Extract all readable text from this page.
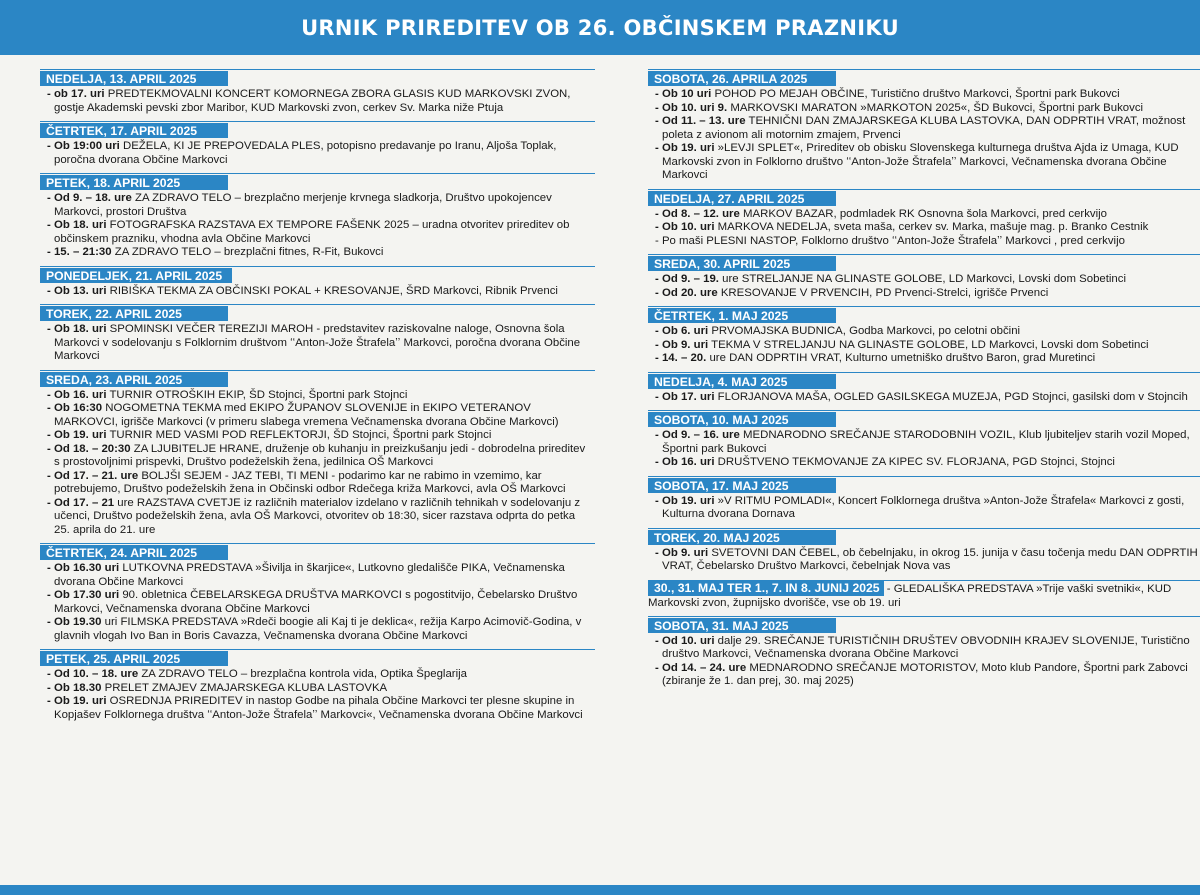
URNIK PRIREDITEV OB 26. OBČINSKEM PRAZNIKU
NEDELJA, 13. APRIL 2025
- ob 17. uri PREDTEKMOVALNI KONCERT KOMORNEGA ZBORA GLASIS KUD MARKOVSKI ZVON, gostje Akademski pevski zbor Maribor, KUD Markovski zvon, cerkev Sv. Marka niže Ptuja
ČETRTEK, 17. APRIL 2025
- Ob 19:00 uri DEŽELA, KI JE PREPOVEDALA PLES, potopisno predavanje po Iranu, Aljoša Toplak, poročna dvorana Občine Markovci
PETEK, 18. APRIL 2025
- Od 9. – 18. ure ZA ZDRAVO TELO – brezplačno merjenje krvnega sladkorja, Društvo upokojencev Markovci, prostori Društva
- Ob 18. uri FOTOGRAFSKA RAZSTAVA EX TEMPORE FAŠENK 2025 – uradna otvoritev prireditev ob občinskem prazniku, vhodna avla Občine Markovci
- 15. – 21:30 ZA ZDRAVO TELO – brezplačni fitnes, R-Fit, Bukovci
PONEDELJEK, 21. APRIL 2025
- Ob 13. uri RIBIŠKA TEKMA ZA OBČINSKI POKAL + KRESOVANJE, ŠRD Markovci, Ribnik Prvenci
TOREK, 22. APRIL 2025
- Ob 18. uri SPOMINSKI VEČER TEREZIJI MAROH - predstavitev raziskovalne naloge, Osnovna šola Markovci v sodelovanju s Folklornim društvom ʻʻAnton-Jože Štrafelaʼʼ Markovci, poročna dvorana Občine Markovci
SREDA, 23. APRIL 2025
- Ob 16. uri TURNIR OTROŠKIH EKIP, ŠD Stojnci, Športni park Stojnci
- Ob 16:30 NOGOMETNA TEKMA med EKIPO ŽUPANOV SLOVENIJE in EKIPO VETERANOV MARKOVCI, igrišče Markovci (v primeru slabega vremena Večnamenska dvorana Občine Markovci)
- Ob 19. uri TURNIR MED VASMI POD REFLEKTORJI, ŠD Stojnci, Športni park Stojnci
- Od 18. – 20:30 ZA LJUBITELJE HRANE, druženje ob kuhanju in preizkušanju jedi - dobrodelna prireditev s prostovoljnimi prispevki, Društvo podeželskih žena, jedilnica OŠ Markovci
- Od 17. – 21. ure BOLJŠI SEJEM - JAZ TEBI, TI MENI - podarimo kar ne rabimo in vzemimo, kar potrebujemo, Društvo podeželskih žena in Občinski odbor Rdečega križa Markovci, avla OŠ Markovci
- Od 17. – 21 ure RAZSTAVA CVETJE iz različnih materialov izdelano v različnih tehnikah v sodelovanju z učenci, Društvo podeželskih žena, avla OŠ Markovci, otvoritev ob 18:30, sicer razstava odprta do petka 25. aprila do 21. ure
ČETRTEK, 24. APRIL 2025
- Ob 16.30 uri LUTKOVNA PREDSTAVA »Šivilja in škarjice«, Lutkovno gledališče PIKA, Večnamenska dvorana Občine Markovci
- Ob 17.30 uri 90. obletnica ČEBELARSKEGA DRUŠTVA MARKOVCI s pogostitvijo, Čebelarsko Društvo Markovci, Večnamenska dvorana Občine Markovci
- Ob 19.30 uri FILMSKA PREDSTAVA »Rdeči boogie ali Kaj ti je deklica«, režija Karpo Acimovič-Godina, v glavnih vlogah Ivo Ban in Boris Cavazza, Večnamenska dvorana Občine Markovci
PETEK, 25. APRIL 2025
- Od 10. – 18. ure ZA ZDRAVO TELO – brezplačna kontrola vida, Optika Špeglarija
- Ob 18.30 PRELET ZMAJEV ZMAJARSKEGA KLUBA LASTOVKA
- Ob 19. uri OSREDNJA PRIREDITEV in nastop Godbe na pihala Občine Markovci ter plesne skupine in Kopjašev Folklornega društva ʻʻAnton-Jože Štrafelaʼʼ Markovci«, Večnamenska dvorana Občine Markovci
SOBOTA, 26. APRILA 2025
- Ob 10 uri POHOD PO MEJAH OBČINE, Turistično društvo Markovci, Športni park Bukovci
- Ob 10. uri 9. MARKOVSKI MARATON »MARKOTON 2025«, ŠD Bukovci, Športni park Bukovci
- Od 11. – 13. ure TEHNIČNI DAN ZMAJARSKEGA KLUBA LASTOVKA, DAN ODPRTIH VRAT, možnost poleta z avionom ali motornim zmajem, Prvenci
- Ob 19. uri »LEVJI SPLET«, Prireditev ob obisku Slovenskega kulturnega društva Ajda iz Umaga, KUD Markovski zvon in Folklorno društvo ʻʻAnton-Jože Štrafelaʼʼ Markovci, Večnamenska dvorana Občine Markovci
NEDELJA, 27. APRIL 2025
- Od 8. – 12. ure MARKOV BAZAR, podmladek RK Osnovna šola Markovci, pred cerkvijo
- Ob 10. uri MARKOVA NEDELJA, sveta maša, cerkev sv. Marka, mašuje mag. p. Branko Cestnik
- Po maši PLESNI NASTOP, Folklorno društvo ʻʻAnton-Jože Štrafelaʼʼ Markovci , pred cerkvijo
SREDA, 30. APRIL 2025
- Od 9. – 19. ure STRELJANJE NA GLINASTE GOLOBE, LD Markovci, Lovski dom Sobetinci
- Od 20. ure KRESOVANJE V PRVENCIH, PD Prvenci-Strelci, igrišče Prvenci
ČETRTEK, 1. MAJ 2025
- Ob 6. uri PRVOMAJSKA BUDNICA, Godba Markovci, po celotni občini
- Ob 9. uri TEKMA V STRELJANJU NA GLINASTE GOLOBE, LD Markovci, Lovski dom Sobetinci
- 14. – 20. ure DAN ODPRTIH VRAT, Kulturno umetniško društvo Baron, grad Muretinci
NEDELJA, 4. MAJ 2025
- Ob 17. uri FLORJANOVA MAŠA, OGLED GASILSKEGA MUZEJA, PGD Stojnci, gasilski dom v Stojncih
SOBOTA, 10. MAJ 2025
- Od 9. – 16. ure MEDNARODNO SREČANJE STARODOBNIH VOZIL, Klub ljubiteljev starih vozil Moped, Športni park Bukovci
- Ob 16. uri DRUŠTVENO TEKMOVANJE ZA KIPEC SV. FLORJANA, PGD Stojnci, Stojnci
SOBOTA, 17. MAJ 2025
- Ob 19. uri »V RITMU POMLADI«, Koncert Folklornega društva »Anton-Jože Štrafela« Markovci z gosti, Kulturna dvorana Dornava
TOREK, 20. MAJ 2025
- Ob 9. uri SVETOVNI DAN ČEBEL, ob čebelnjaku, in okrog 15. junija v času točenja medu DAN ODPRTIH VRAT, Čebelarsko Društvo Markovci, čebelnjak Nova vas
30., 31. MAJ TER 1., 7. IN 8. JUNIJ 2025 - GLEDALIŠKA PREDSTAVA »Trije vaški svetniki«, KUD Markovski zvon, župnijsko dvorišče, vse ob 19. uri
SOBOTA, 31. MAJ 2025
- Od 10. uri dalje 29. SREČANJE TURISTIČNIH DRUŠTEV OBVODNIH KRAJEV SLOVENIJE, Turistično društvo Markovci, Večnamenska dvorana Občine Markovci
- Od 14. – 24. ure MEDNARODNO SREČANJE MOTORISTOV, Moto klub Pandore, Športni park Zabovci (zbiranje že 1. dan prej, 30. maj 2025)
